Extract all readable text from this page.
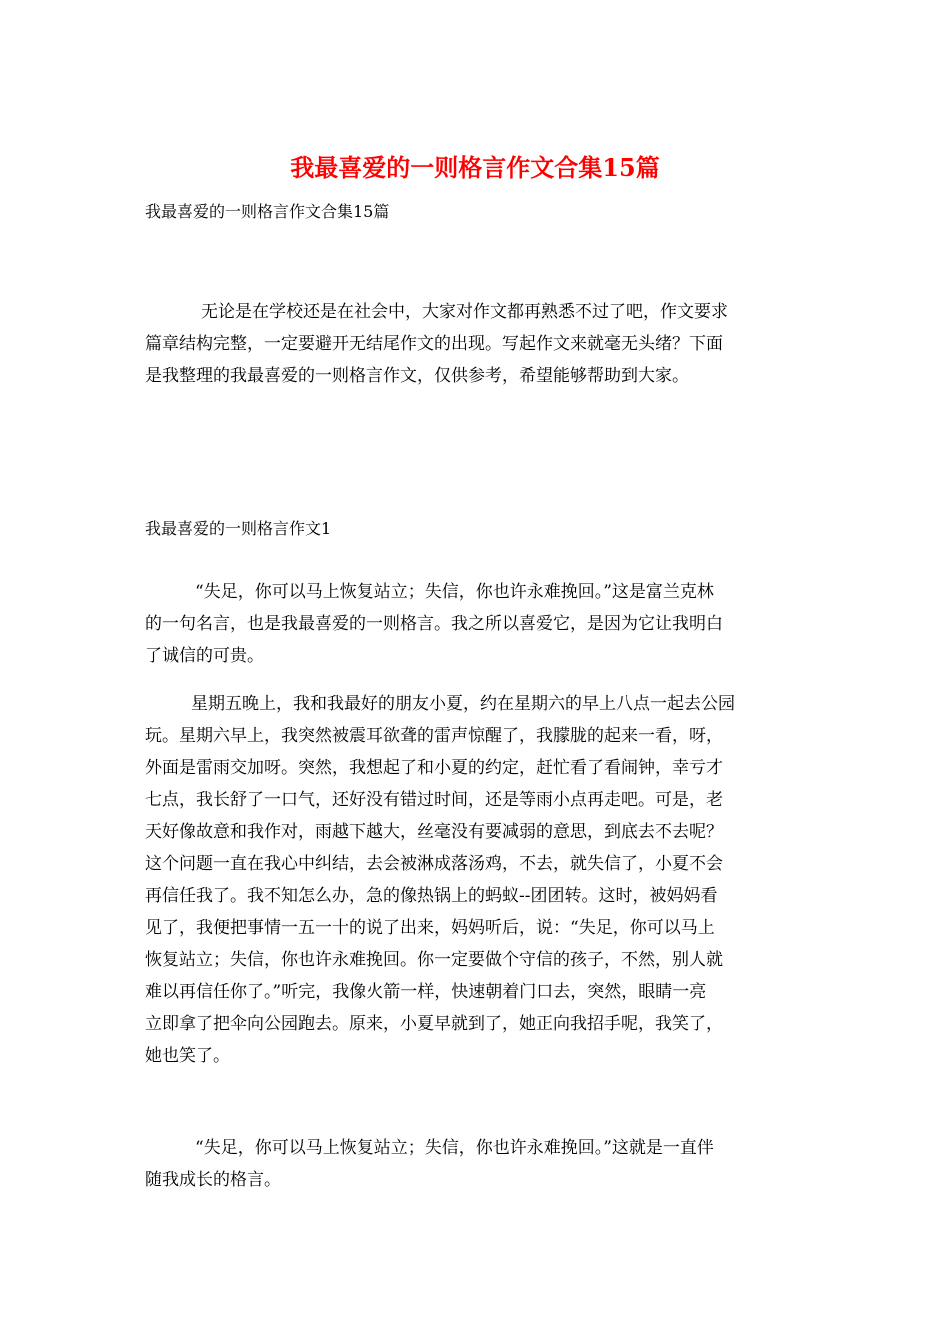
我最喜爱的一则格言作文合集15篇
我最喜爱的一则格言作文合集15篇
无论是在学校还是在社会中，大家对作文都再熟悉不过了吧，作文要求
篇章结构完整，一定要避开无结尾作文的出现。写起作文来就毫无头绪？下面
是我整理的我最喜爱的一则格言作文，仅供参考，希望能够帮助到大家。
我最喜爱的一则格言作文1
“失足，你可以马上恢复站立；失信，你也许永难挽回。”这是富兰克林
的一句名言，也是我最喜爱的一则格言。我之所以喜爱它，是因为它让我明白
了诚信的可贵。
星期五晚上，我和我最好的朋友小夏，约在星期六的早上八点一起去公园
玩。星期六早上，我突然被震耳欲聋的雷声惊醒了，我朦胧的起来一看，呀，
外面是雷雨交加呀。突然，我想起了和小夏的约定，赶忙看了看闹钟，幸亏才
七点，我长舒了一口气，还好没有错过时间，还是等雨小点再走吧。可是，老
天好像故意和我作对，雨越下越大，丝毫没有要减弱的意思，到底去不去呢？
这个问题一直在我心中纠结，去会被淋成落汤鸡，不去，就失信了，小夏不会
再信任我了。我不知怎么办，急的像热锅上的蚂蚁--团团转。这时，被妈妈看
见了，我便把事情一五一十的说了出来，妈妈听后，说：“失足，你可以马上
恢复站立；失信，你也许永难挽回。你一定要做个守信的孩子，不然，别人就
难以再信任你了。”听完，我像火箭一样，快速朝着门口去，突然，眼睛一亮
立即拿了把伞向公园跑去。原来，小夏早就到了，她正向我招手呢，我笑了，
她也笑了。
“失足，你可以马上恢复站立；失信，你也许永难挽回。”这就是一直伴
随我成长的格言。
